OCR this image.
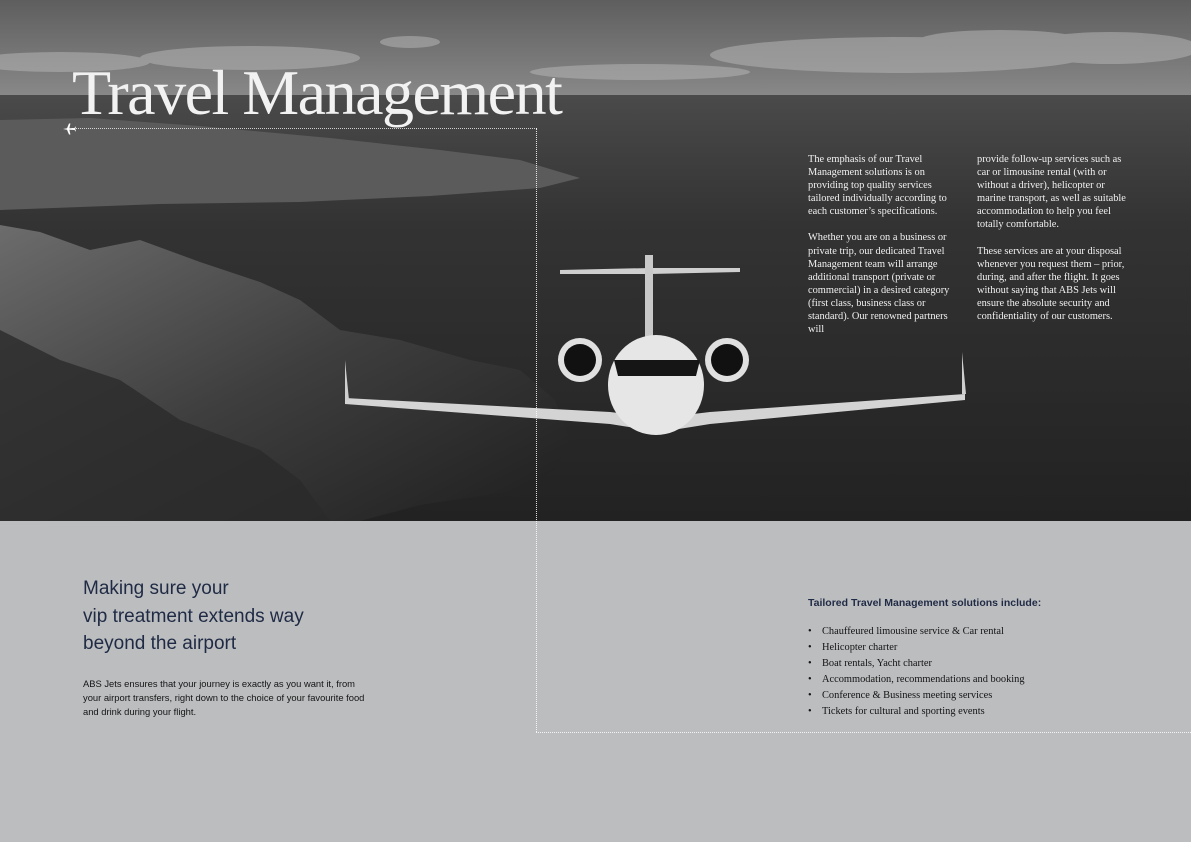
Travel Management

The emphasis of our Travel Management solutions is on providing top quality services tailored individually according to each customer’s specifications.

Whether you are on a business or private trip, our dedicated Travel Management team will arrange additional transport (private or commercial) in a desired category (first class, business class or standard). Our renowned partners will

provide follow-up services such as car or limousine rental (with or without a driver), helicopter or marine transport, as well as suitable accommodation to help you feel totally comfortable.

These services are at your disposal whenever you request them – prior, during, and after the flight. It goes without saying that ABS Jets will ensure the absolute security and confidentiality of our customers.

Making sure your
vip treatment extends way
beyond the airport

ABS Jets ensures that your journey is exactly as you want it, from your airport transfers, right down to the choice of your favourite food and drink during your flight.

Tailored Travel Management solutions include:
• Chauffeured limousine service & Car rental
• Helicopter charter
• Boat rentals, Yacht charter
• Accommodation, recommendations and booking
• Conference & Business meeting services
• Tickets for cultural and sporting events
